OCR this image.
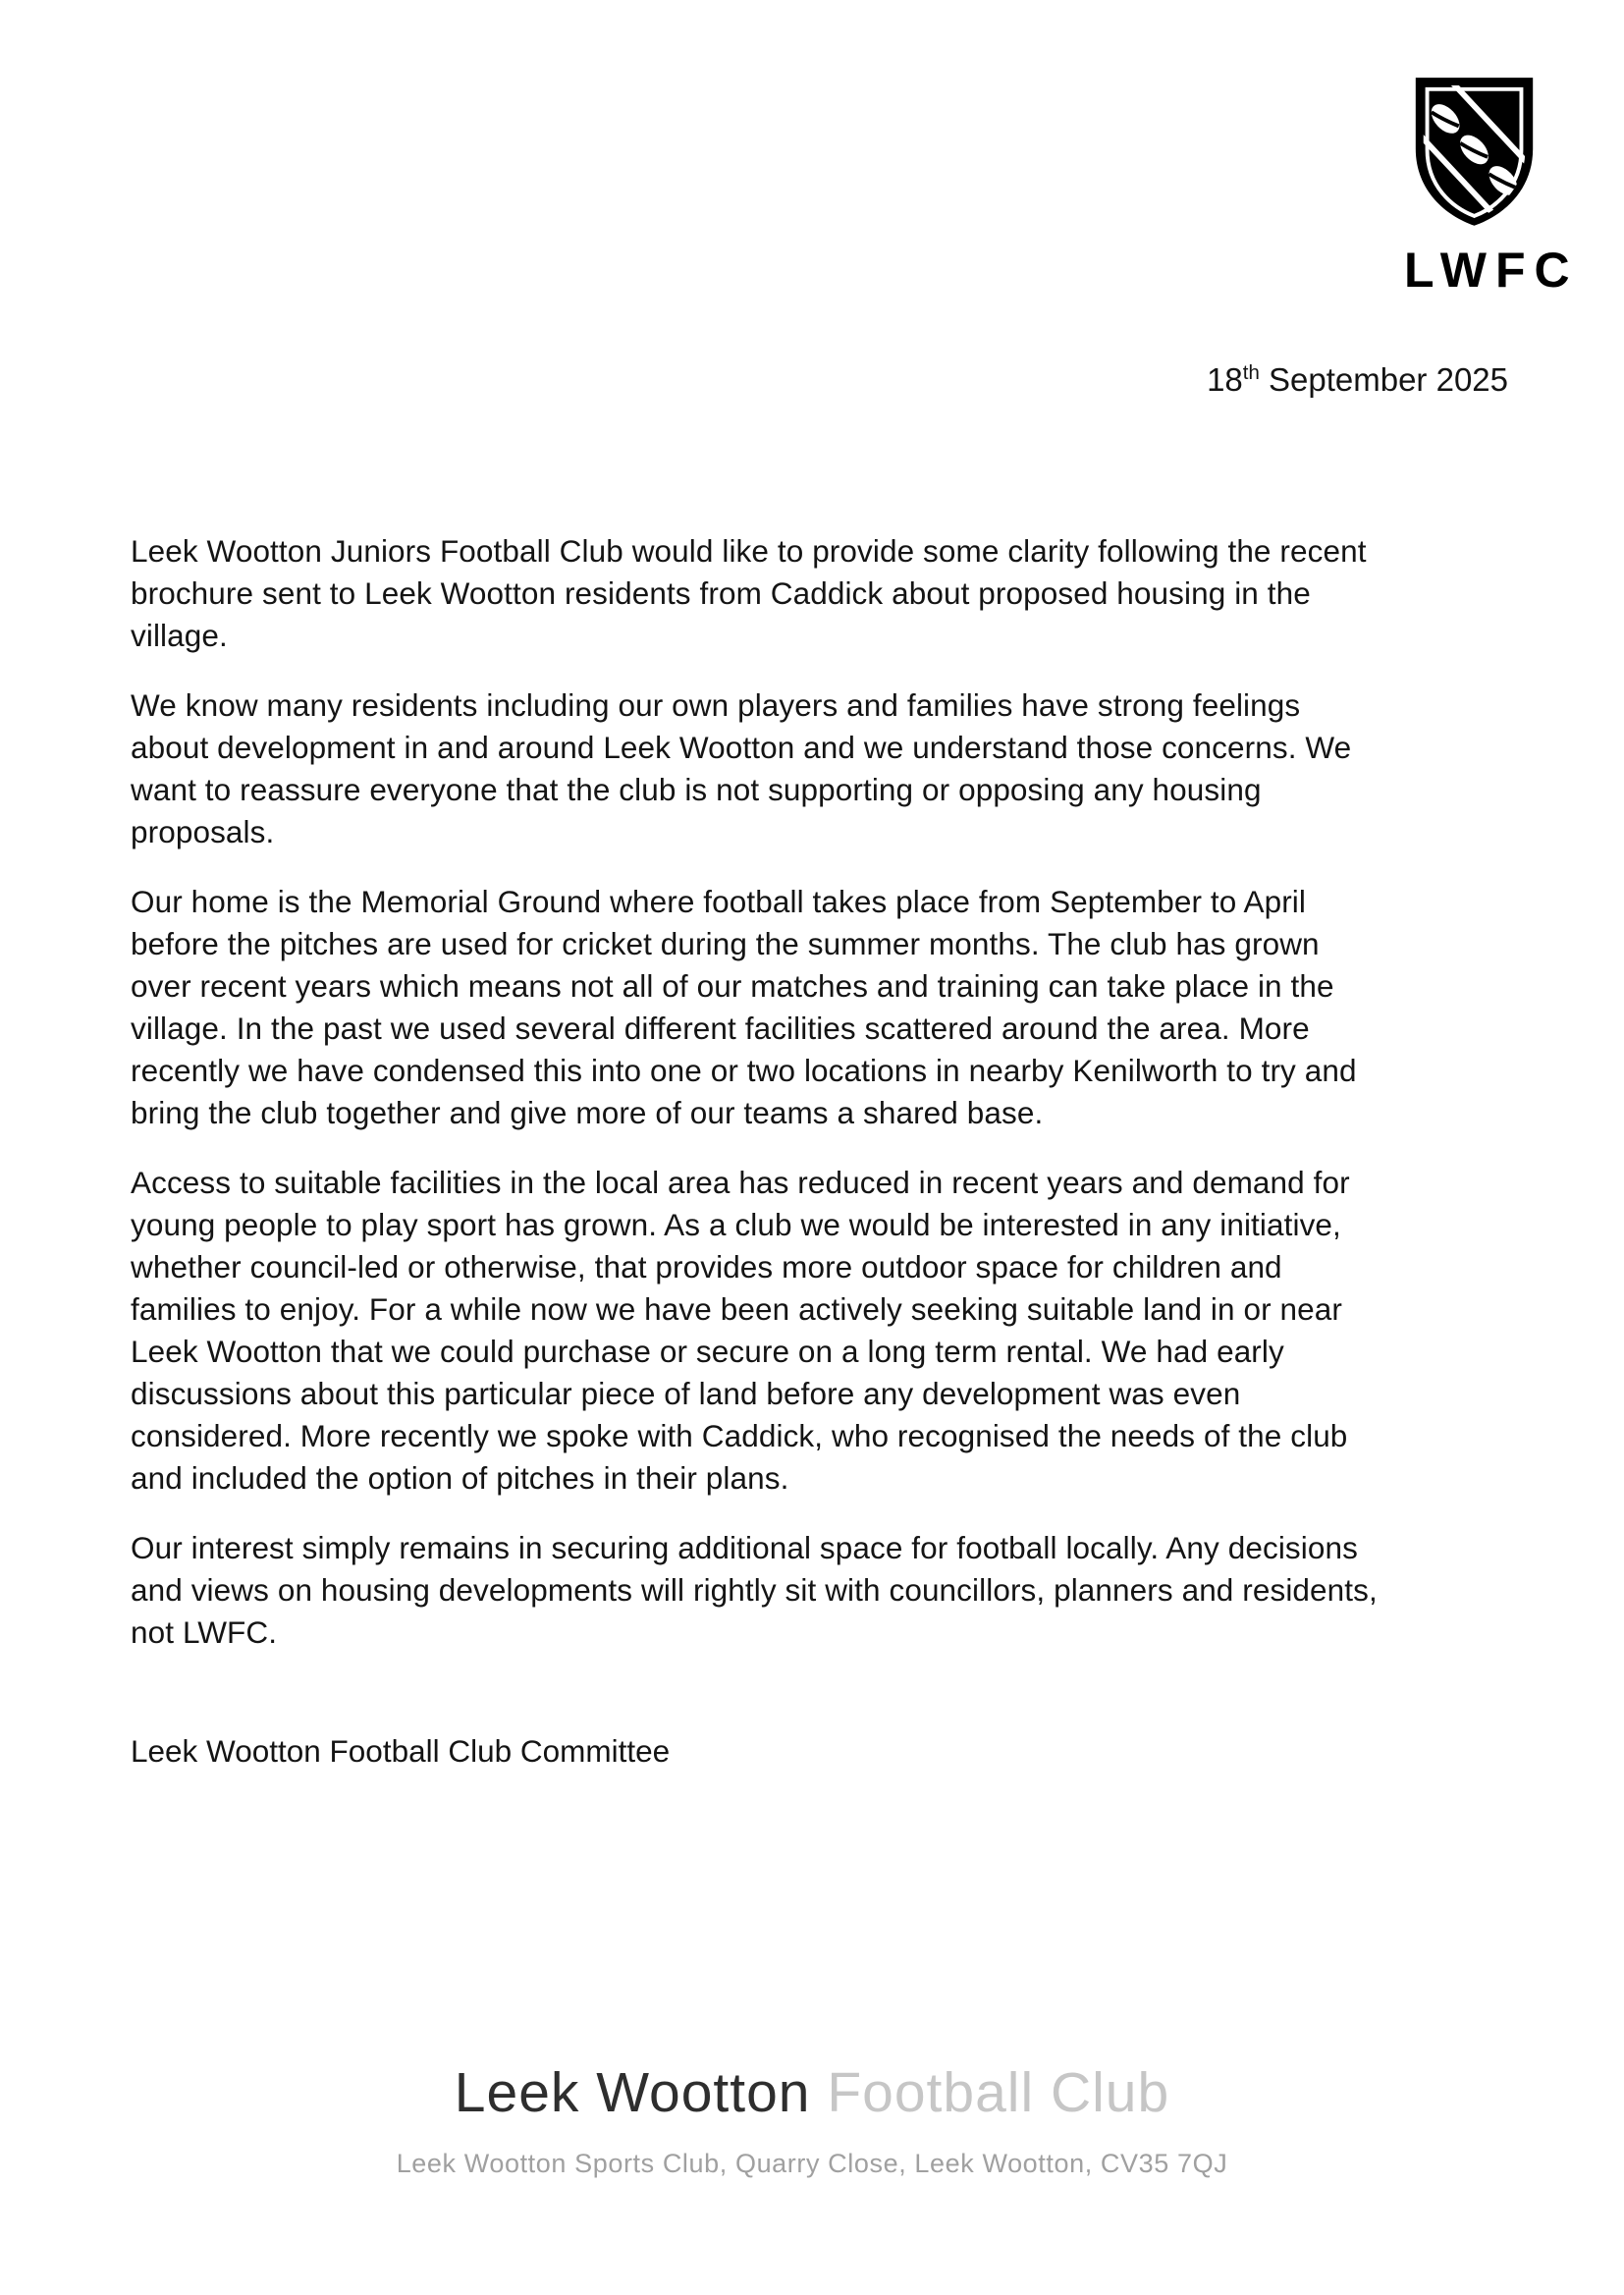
LWFC
18th September 2025
Leek Wootton Juniors Football Club would like to provide some clarity following the recent
brochure sent to Leek Wootton residents from Caddick about proposed housing in the
village.
We know many residents including our own players and families have strong feelings
about development in and around Leek Wootton and we understand those concerns. We
want to reassure everyone that the club is not supporting or opposing any housing
proposals.
Our home is the Memorial Ground where football takes place from September to April
before the pitches are used for cricket during the summer months. The club has grown
over recent years which means not all of our matches and training can take place in the
village. In the past we used several different facilities scattered around the area. More
recently we have condensed this into one or two locations in nearby Kenilworth to try and
bring the club together and give more of our teams a shared base.
Access to suitable facilities in the local area has reduced in recent years and demand for
young people to play sport has grown. As a club we would be interested in any initiative,
whether council-led or otherwise, that provides more outdoor space for children and
families to enjoy. For a while now we have been actively seeking suitable land in or near
Leek Wootton that we could purchase or secure on a long term rental. We had early
discussions about this particular piece of land before any development was even
considered. More recently we spoke with Caddick, who recognised the needs of the club
and included the option of pitches in their plans.
Our interest simply remains in securing additional space for football locally. Any decisions
and views on housing developments will rightly sit with councillors, planners and residents,
not LWFC.
Leek Wootton Football Club Committee
Leek Wootton Football Club
Leek Wootton Sports Club, Quarry Close, Leek Wootton, CV35 7QJ
